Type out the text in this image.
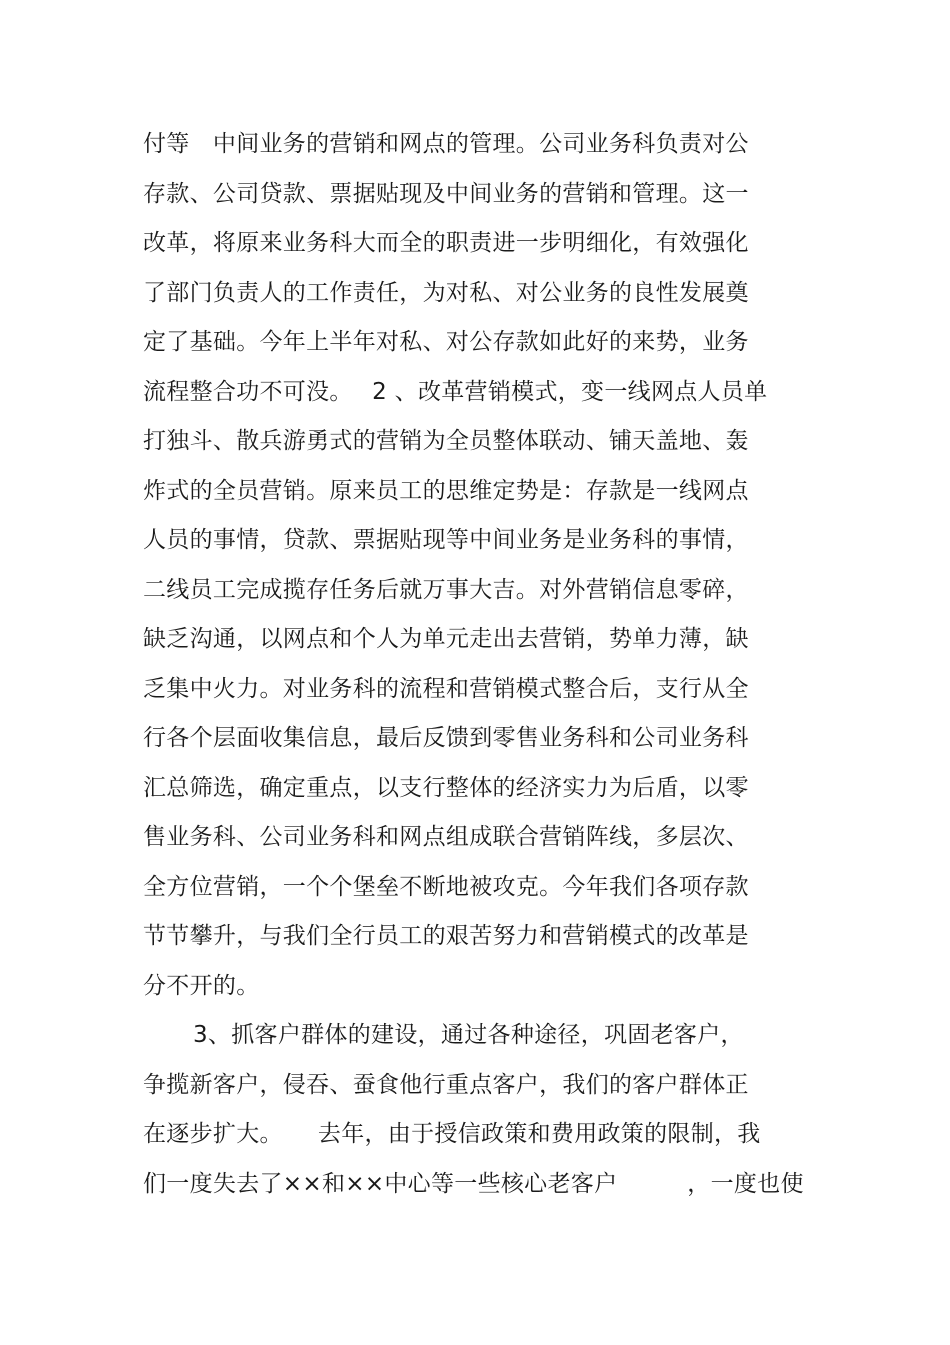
付等　中间业务的营销和网点的管理。公司业务科负责对公
存款、公司贷款、票据贴现及中间业务的营销和管理。这一
改革，将原来业务科大而全的职责进一步明细化，有效强化
了部门负责人的工作责任，为对私、对公业务的良性发展奠
定了基础。今年上半年对私、对公存款如此好的来势，业务
流程整合功不可没。　 2 、改革营销模式，变一线网点人员单
打独斗、散兵游勇式的营销为全员整体联动、铺天盖地、轰
炸式的全员营销。原来员工的思维定势是：存款是一线网点
人员的事情，贷款、票据贴现等中间业务是业务科的事情，
二线员工完成揽存任务后就万事大吉。对外营销信息零碎，
缺乏沟通，以网点和个人为单元走出去营销，势单力薄，缺
乏集中火力。对业务科的流程和营销模式整合后，支行从全
行各个层面收集信息，最后反馈到零售业务科和公司业务科
汇总筛选，确定重点，以支行整体的经济实力为后盾，以零
售业务科、公司业务科和网点组成联合营销阵线，多层次、
全方位营销，一个个堡垒不断地被攻克。今年我们各项存款
节节攀升，与我们全行员工的艰苦努力和营销模式的改革是
分不开的。
3、抓客户群体的建设，通过各种途径，巩固老客户，
争揽新客户，侵吞、蚕食他行重点客户，我们的客户群体正
在逐步扩大。　　去年，由于授信政策和费用政策的限制，我
们一度失去了××和××中心等一些核心老客户　　　，一度也使
